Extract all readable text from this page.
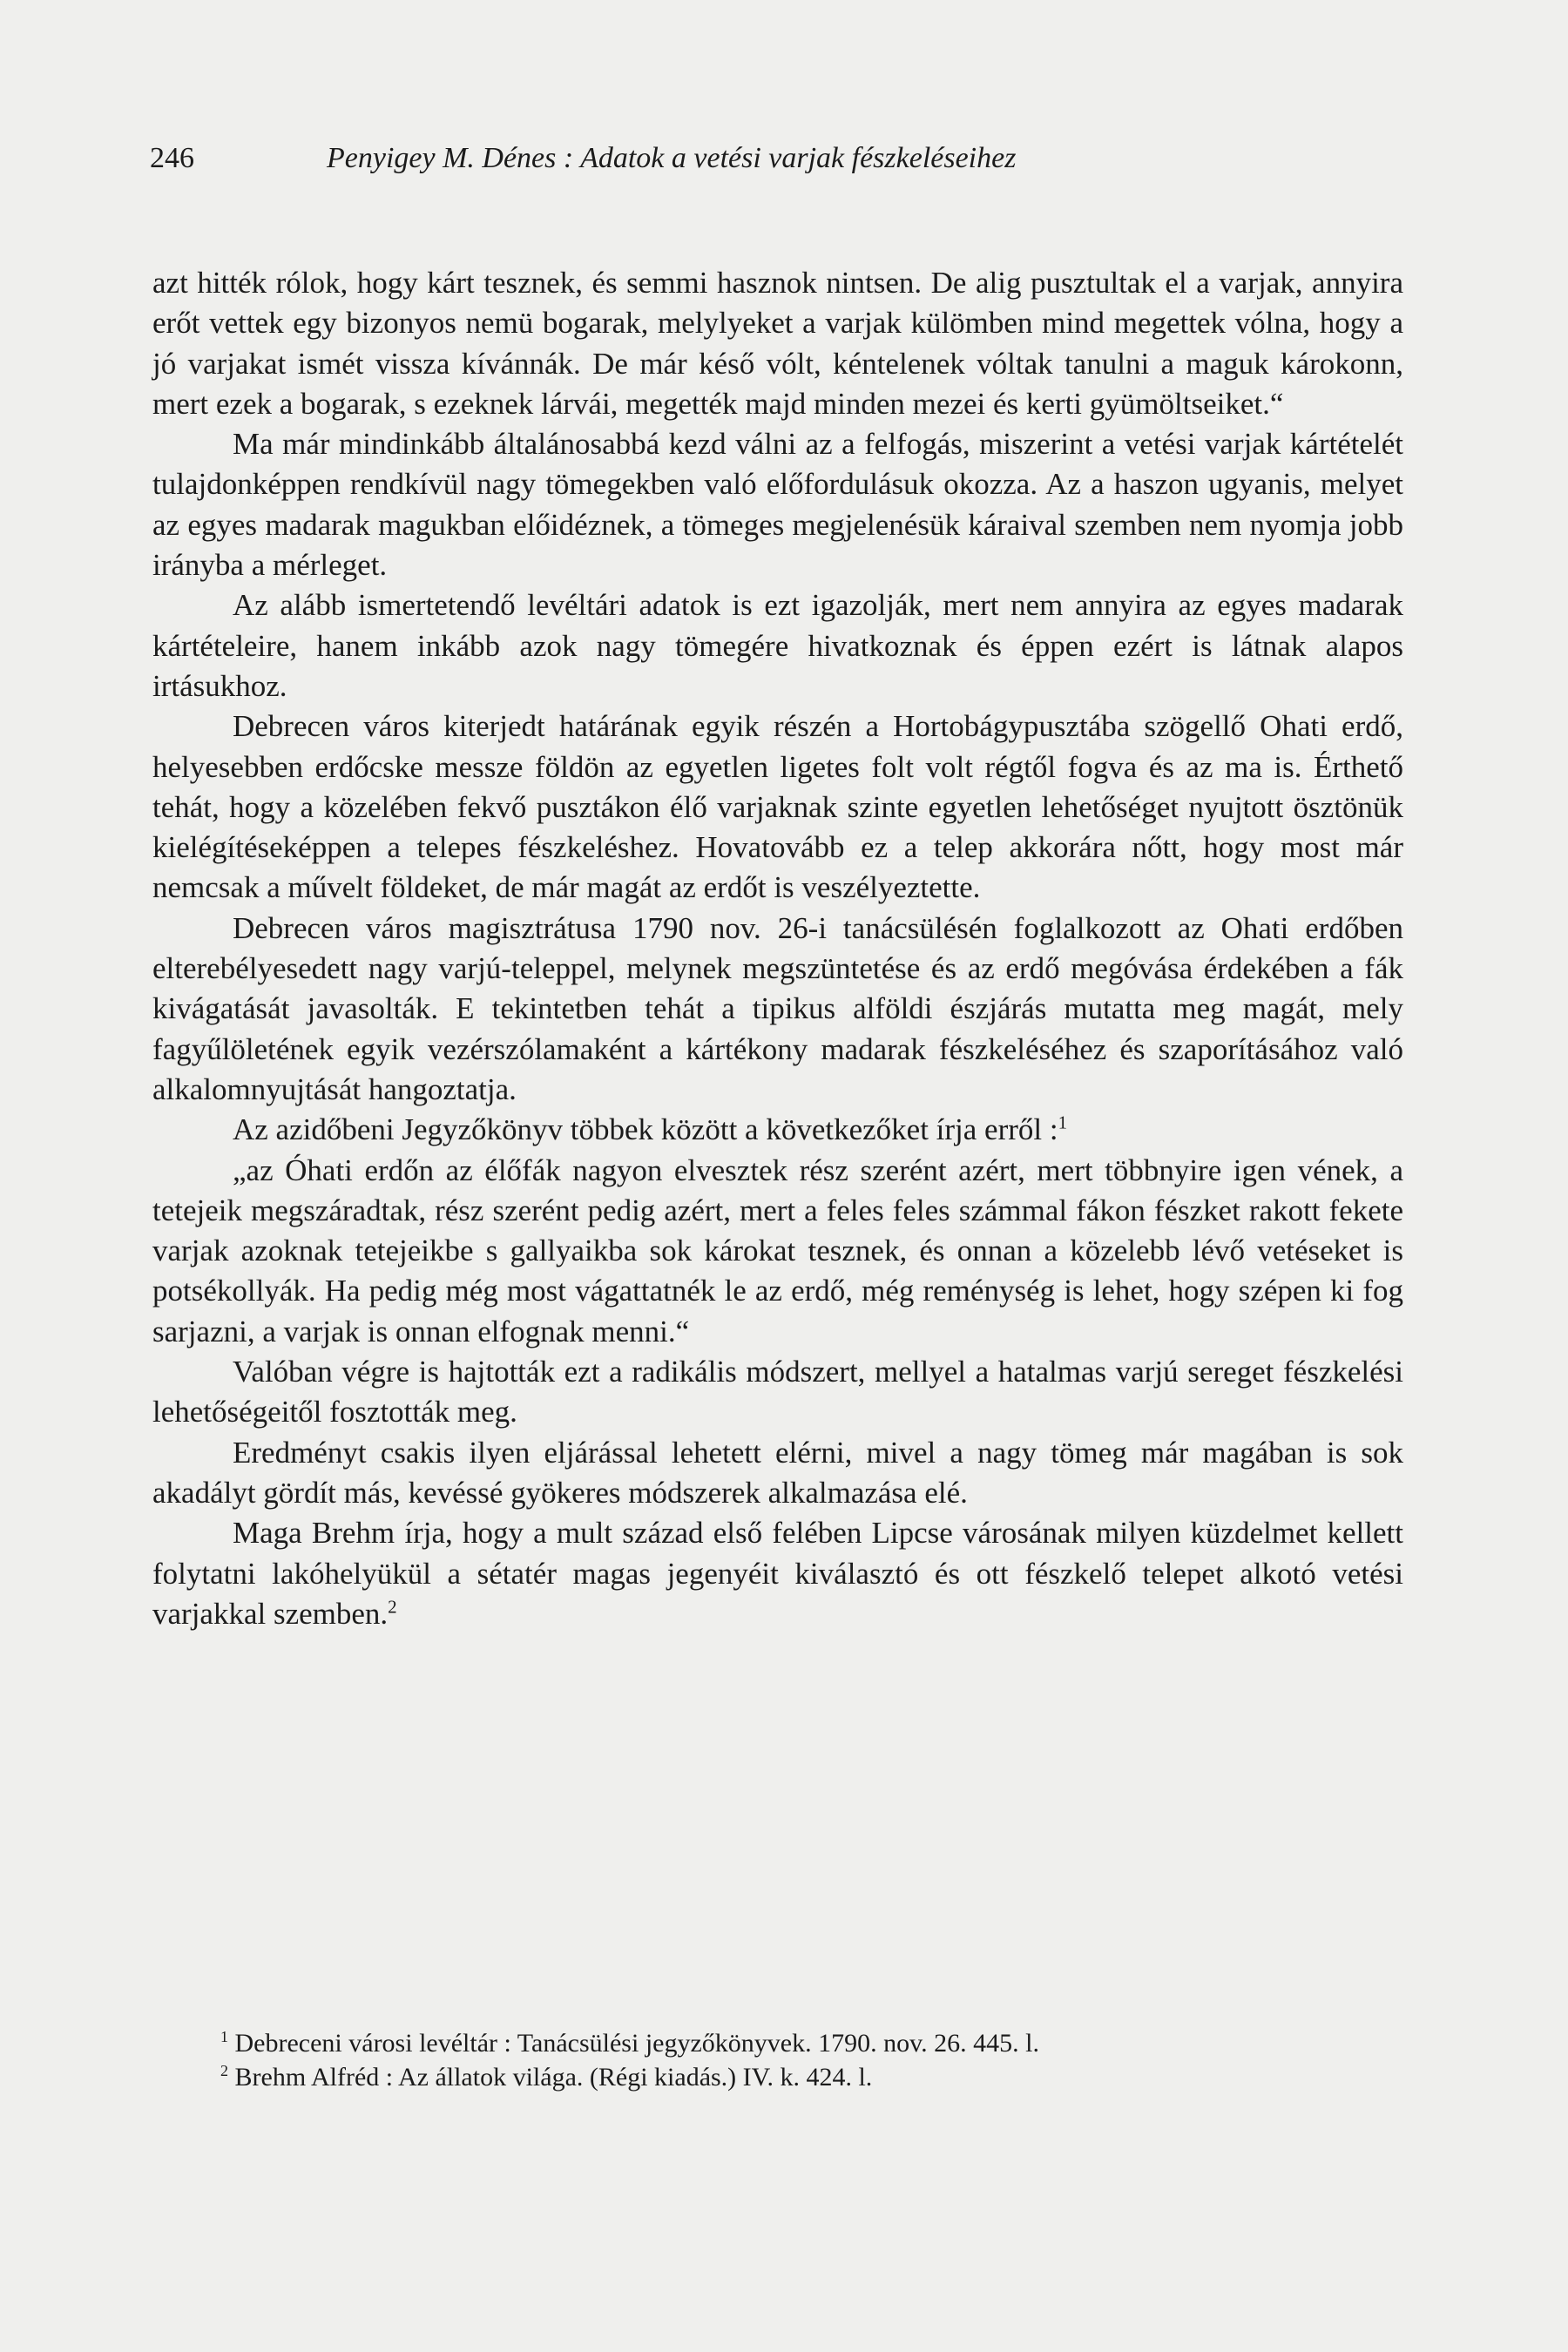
246	Penyigey M. Dénes : Adatok a vetési varjak fészkeléseihez

azt hitték rólok, hogy kárt tesznek, és semmi hasznok nintsen. De alig pusztultak el a varjak, annyira erőt vettek egy bizonyos nemü bogarak, melylyeket a varjak külömben mind megettek vólna, hogy a jó varjakat ismét vissza kívánnák. De már késő vólt, kéntelenek vóltak tanulni a maguk károkonn, mert ezek a bogarak, s ezeknek lárvái, megették majd minden mezei és kerti gyümöltseiket.“

Ma már mindinkább általánosabbá kezd válni az a felfogás, miszerint a vetési varjak kártételét tulajdonképpen rendkívül nagy tömegekben való előfordulásuk okozza. Az a haszon ugyanis, melyet az egyes madarak magukban előidéznek, a tömeges megjelenésük káraival szemben nem nyomja jobb irányba a mérleget.

Az alább ismertetendő levéltári adatok is ezt igazolják, mert nem annyira az egyes madarak kártételeire, hanem inkább azok nagy tömegére hivatkoznak és éppen ezért is látnak alapos irtásukhoz.

Debrecen város kiterjedt határának egyik részén a Hortobágypusztába szögellő Ohati erdő, helyesebben erdőcske messze földön az egyetlen ligetes folt volt régtől fogva és az ma is. Érthető tehát, hogy a közelében fekvő pusztákon élő varjaknak szinte egyetlen lehetőséget nyujtott ösztönük kielégítéseképpen a telepes fészkeléshez. Hovatovább ez a telep akkorára nőtt, hogy most már nemcsak a művelt földeket, de már magát az erdőt is veszélyeztette.

Debrecen város magisztrátusa 1790 nov. 26-i tanácsülésén foglalkozott az Ohati erdőben elterebélyesedett nagy varjú-teleppel, melynek megszüntetése és az erdő megóvása érdekében a fák kivágatását javasolták. E tekintetben tehát a tipikus alföldi észjárás mutatta meg magát, mely fagyűlöletének egyik vezérszólamaként a kártékony madarak fészkeléséhez és szaporításához való alkalomnyujtását hangoztatja.

Az azidőbeni Jegyzőkönyv többek között a következőket írja erről :$^1$

„az Óhati erdőn az élőfák nagyon elvesztek rész szerént azért, mert többnyire igen vének, a tetejeik megszáradtak, rész szerént pedig azért, mert a feles feles számmal fákon fészket rakott fekete varjak azoknak tetejeikbe s gallyaikba sok károkat tesznek, és onnan a közelebb lévő vetéseket is potsékollyák. Ha pedig még most vágattatnék le az erdő, még reménység is lehet, hogy szépen ki fog sarjazni, a varjak is onnan elfognak menni.“

Valóban végre is hajtották ezt a radikális módszert, mellyel a hatalmas varjú sereget fészkelési lehetőségeitől fosztották meg.

Eredményt csakis ilyen eljárással lehetett elérni, mivel a nagy tömeg már magában is sok akadályt gördít más, kevéssé gyökeres módszerek alkalmazása elé.

Maga Brehm írja, hogy a mult század első felében Lipcse városának milyen küzdelmet kellett folytatni lakóhelyükül a sétatér magas jegenyéit kiválasztó és ott fészkelő telepet alkotó vetési varjakkal szemben.$^2$

$^1$ Debreceni városi levéltár : Tanácsülési jegyzőkönyvek. 1790. nov. 26. 445. l.

$^2$ Brehm Alfréd : Az állatok világa. (Régi kiadás.) IV. k. 424. l.
